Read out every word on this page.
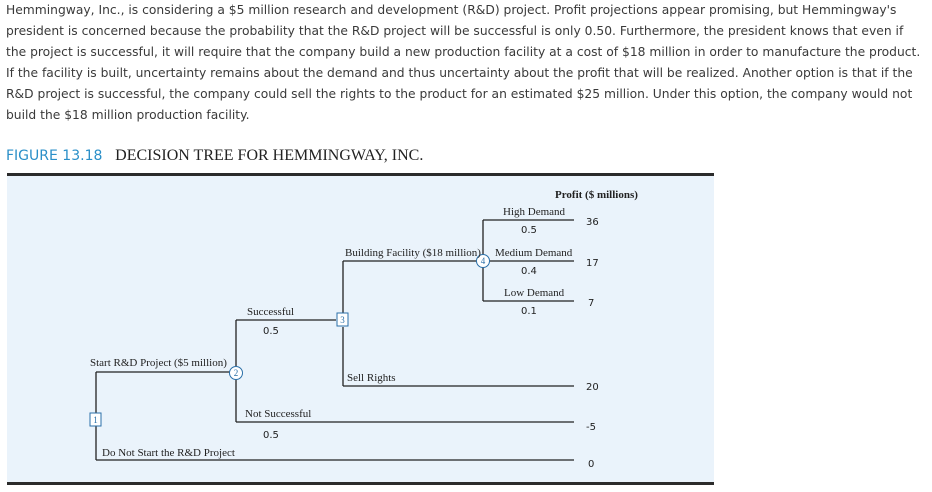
Hemmingway, Inc., is considering a $5 million research and development (R&D) project. Profit projections appear promising, but Hemmingway's president is concerned because the probability that the R&D project will be successful is only 0.50. Furthermore, the president knows that even if the project is successful, it will require that the company build a new production facility at a cost of $18 million in order to manufacture the product. If the facility is built, uncertainty remains about the demand and thus uncertainty about the profit that will be realized. Another option is that if the R&D project is successful, the company could sell the rights to the product for an estimated $25 million. Under this option, the company would not build the $18 million production facility.
FIGURE 13.18 DECISION TREE FOR HEMMINGWAY, INC.
1
2
3
4
Profit ($ millions)
Start R&D Project ($5 million)
Do Not Start the R&D Project
Successful
0.5
Not Successful
0.5
Building Facility ($18 million)
Sell Rights
High Demand
0.5
Medium Demand
0.4
Low Demand
0.1
36
17
7
20
-5
0
